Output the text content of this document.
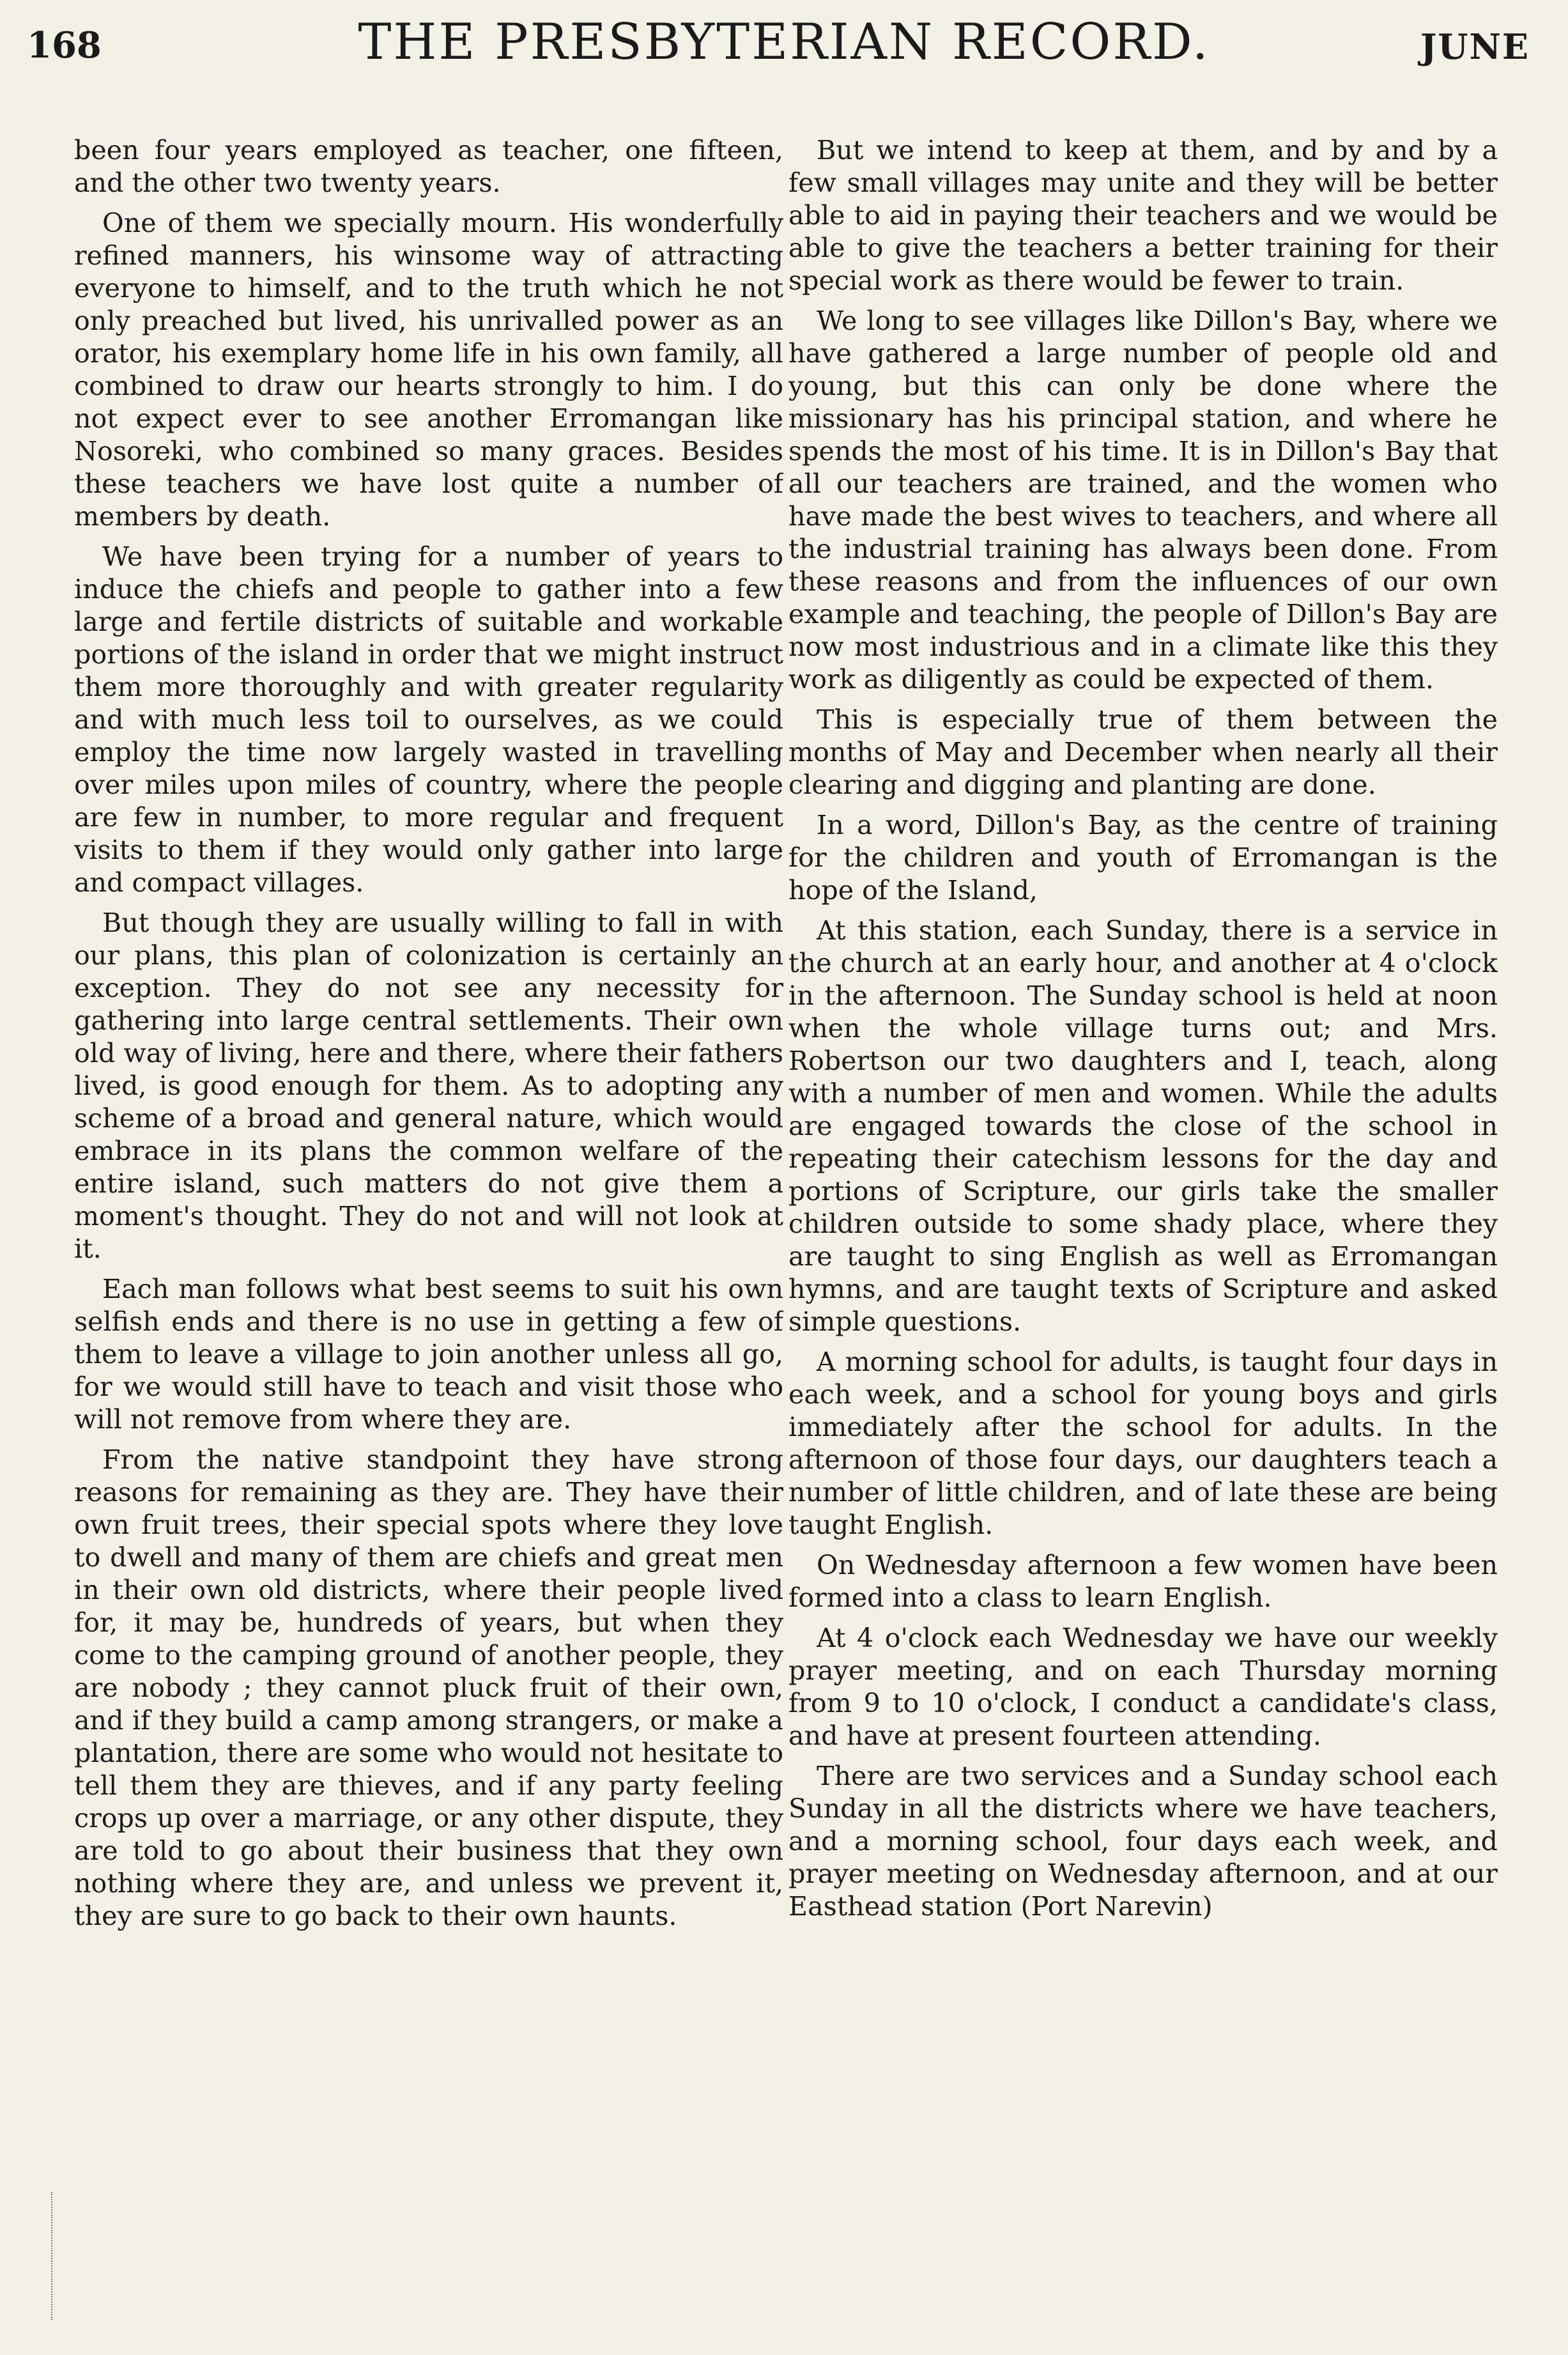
168	THE PRESBYTERIAN RECORD.	JUNE

been four years employed as teacher, one fifteen, and the other two twenty years.

One of them we specially mourn. His wonderfully refined manners, his winsome way of attracting everyone to himself, and to the truth which he not only preached but lived, his unrivalled power as an orator, his exemplary home life in his own family, all combined to draw our hearts strongly to him. I do not expect ever to see another Erromangan like Nosoreki, who combined so many graces. Besides these teachers we have lost quite a number of members by death.

We have been trying for a number of years to induce the chiefs and people to gather into a few large and fertile districts of suitable and workable portions of the island in order that we might instruct them more thoroughly and with greater regularity and with much less toil to ourselves, as we could employ the time now largely wasted in travelling over miles upon miles of country, where the people are few in number, to more regular and frequent visits to them if they would only gather into large and compact villages.

But though they are usually willing to fall in with our plans, this plan of colonization is certainly an exception. They do not see any necessity for gathering into large central settlements. Their own old way of living, here and there, where their fathers lived, is good enough for them. As to adopting any scheme of a broad and general nature, which would embrace in its plans the common welfare of the entire island, such matters do not give them a moment's thought. They do not and will not look at it.

Each man follows what best seems to suit his own selfish ends and there is no use in getting a few of them to leave a village to join another unless all go, for we would still have to teach and visit those who will not remove from where they are.

From the native standpoint they have strong reasons for remaining as they are. They have their own fruit trees, their special spots where they love to dwell and many of them are chiefs and great men in their own old districts, where their people lived for, it may be, hundreds of years, but when they come to the camping ground of another people, they are nobody ; they cannot pluck fruit of their own, and if they build a camp among strangers, or make a plantation, there are some who would not hesitate to tell them they are thieves, and if any party feeling crops up over a marriage, or any other dispute, they are told to go about their business that they own nothing where they are, and unless we prevent it, they are sure to go back to their own haunts.

But we intend to keep at them, and by and by a few small villages may unite and they will be better able to aid in paying their teachers and we would be able to give the teachers a better training for their special work as there would be fewer to train.

We long to see villages like Dillon's Bay, where we have gathered a large number of people old and young, but this can only be done where the missionary has his principal station, and where he spends the most of his time. It is in Dillon's Bay that all our teachers are trained, and the women who have made the best wives to teachers, and where all the industrial training has always been done. From these reasons and from the influences of our own example and teaching, the people of Dillon's Bay are now most industrious and in a climate like this they work as diligently as could be expected of them.

This is especially true of them between the months of May and December when nearly all their clearing and digging and planting are done.

In a word, Dillon's Bay, as the centre of training for the children and youth of Erromangan is the hope of the Island,

At this station, each Sunday, there is a service in the church at an early hour, and another at 4 o'clock in the afternoon. The Sunday school is held at noon when the whole village turns out; and Mrs. Robertson our two daughters and I, teach, along with a number of men and women. While the adults are engaged towards the close of the school in repeating their catechism lessons for the day and portions of Scripture, our girls take the smaller children outside to some shady place, where they are taught to sing English as well as Erromangan hymns, and are taught texts of Scripture and asked simple questions.

A morning school for adults, is taught four days in each week, and a school for young boys and girls immediately after the school for adults. In the afternoon of those four days, our daughters teach a number of little children, and of late these are being taught English.

On Wednesday afternoon a few women have been formed into a class to learn English.

At 4 o'clock each Wednesday we have our weekly prayer meeting, and on each Thursday morning from 9 to 10 o'clock, I conduct a candidate's class, and have at present fourteen attending.

There are two services and a Sunday school each Sunday in all the districts where we have teachers, and a morning school, four days each week, and prayer meeting on Wednesday afternoon, and at our Easthead station (Port Narevin)
